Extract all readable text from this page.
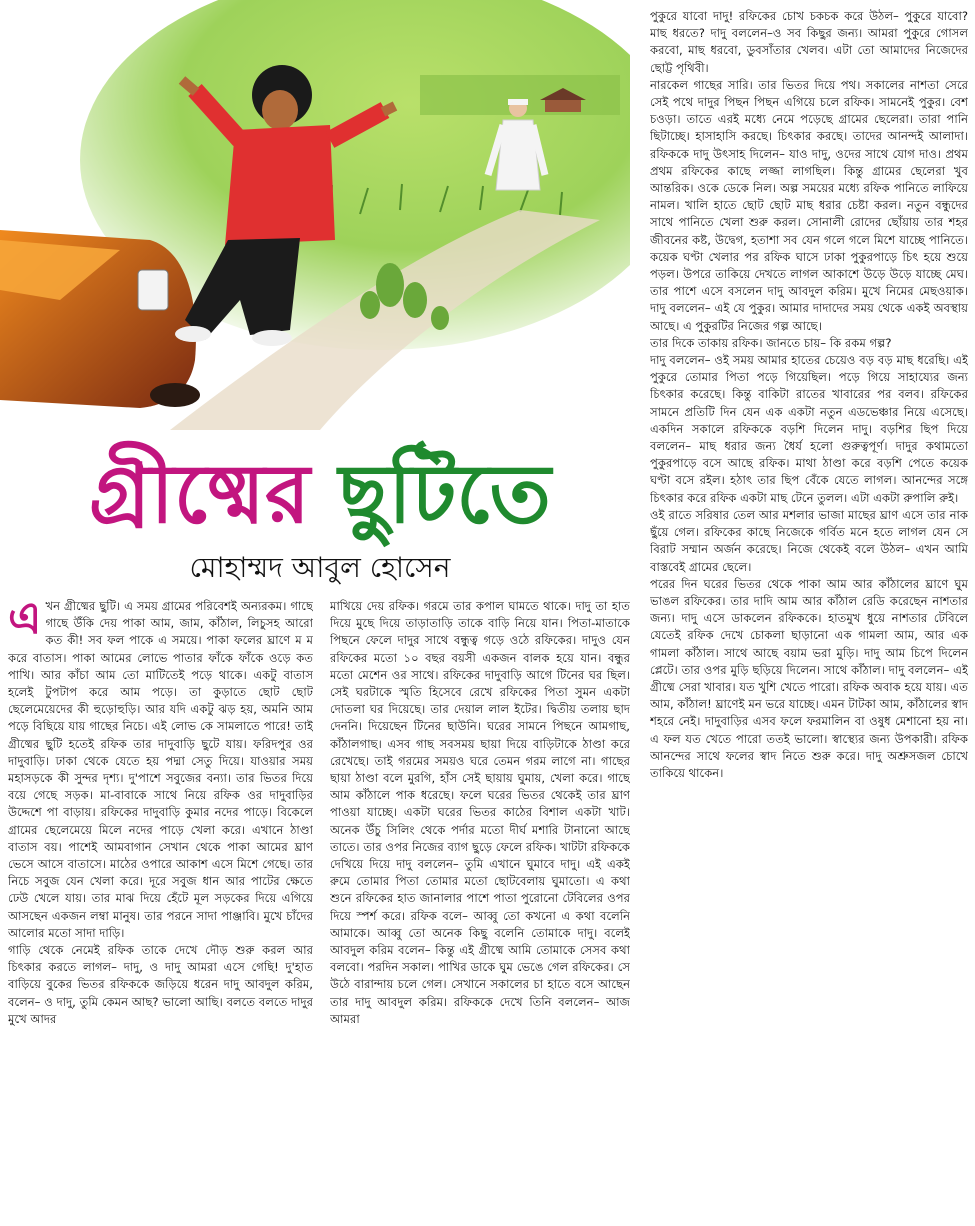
গ্রীষ্মের ছুটিতে
মোহাম্মদ আবুল হোসেন

এখন গ্রীষ্মের ছুটি। এ সময় গ্রামের পরিবেশই অন্যরকম। গাছে গাছে উঁকি দেয় পাকা আম, জাম, কাঁঠাল, লিচুসহ আরো কত কী! সব ফল পাকে এ সময়ে। পাকা ফলের ঘ্রাণে ম ম করে বাতাস। পাকা আমের লোভে পাতার ফাঁকে ফাঁকে ওড়ে কত পাখি। আর কাঁচা আম তো মাটিতেই পড়ে থাকে। একটু বাতাস হলেই টুপটাপ করে আম পড়ে। তা কুড়াতে ছোট ছোট ছেলেমেয়েদের কী হুড়োহুড়ি। আর যদি একটু ঝড় হয়, অমনি আম পড়ে বিছিয়ে যায় গাছের নিচে। এই লোভ কে সামলাতে পারে! তাই গ্রীষ্মের ছুটি হতেই রফিক তার দাদুবাড়ি ছুটে যায়। ফরিদপুর ওর দাদুবাড়ি। ঢাকা থেকে যেতে হয় পদ্মা সেতু দিয়ে। যাওয়ার সময় মহাসড়কে কী সুন্দর দৃশ্য। দু'পাশে সবুজের বন্যা। তার ভিতর দিয়ে বয়ে গেছে সড়ক। মা-বাবাকে সাথে নিয়ে রফিক ওর দাদুবাড়ির উদ্দেশে পা বাড়ায়। রফিকের দাদুবাড়ি কুমার নদের পাড়ে। বিকেলে গ্রামের ছেলেমেয়ে মিলে নদের পাড়ে খেলা করে। এখানে ঠাণ্ডা বাতাস বয়। পাশেই আমবাগান সেখান থেকে পাকা আমের ঘ্রাণ ভেসে আসে বাতাসে। মাঠের ওপারে আকাশ এসে মিশে গেছে। তার নিচে সবুজ যেন খেলা করে। দূরে সবুজ ধান আর পাটের ক্ষেতে ঢেউ খেলে যায়। তার মাঝ দিয়ে হেঁটে মূল সড়কের দিয়ে এগিয়ে আসছেন একজন লম্বা মানুষ। তার পরনে সাদা পাঞ্জাবি। মুখে চাঁদের আলোর মতো সাদা দাড়ি।

গাড়ি থেকে নেমেই রফিক তাকে দেখে দৌড় শুরু করল আর চিৎকার করতে লাগল– দাদু, ও দাদু আমরা এসে গেছি! দু'হাত বাড়িয়ে বুকের ভিতর রফিককে জড়িয়ে ধরেন দাদু আবদুল করিম, বলেন– ও দাদু, তুমি কেমন আছ? ভালো আছি। বলতে বলতে দাদুর মুখে আদর

মাখিয়ে দেয় রফিক। গরমে তার কপাল ঘামতে থাকে। দাদু তা হাত দিয়ে মুছে দিয়ে তাড়াতাড়ি তাকে বাড়ি নিয়ে যান। পিতা-মাতাকে পিছনে ফেলে দাদুর সাথে বন্ধুত্ব গড়ে ওঠে রফিকের। দাদুও যেন রফিকের মতো ১০ বছর বয়সী একজন বালক হয়ে যান। বন্ধুর মতো মেশেন ওর সাথে। রফিকের দাদুবাড়ি আগে টিনের ঘর ছিল। সেই ঘরটাকে স্মৃতি হিসেবে রেখে রফিকের পিতা সুমন একটা দোতলা ঘর দিয়েছে। তার দেয়াল লাল ইটের। দ্বিতীয় তলায় ছাদ দেননি। দিয়েছেন টিনের ছাউনি। ঘরের সামনে পিছনে আমগাছ, কাঁঠালগাছ। এসব গাছ সবসময় ছায়া দিয়ে বাড়িটাকে ঠাণ্ডা করে রেখেছে। তাই গরমের সময়ও ঘরে তেমন গরম লাগে না। গাছের ছায়া ঠাণ্ডা বলে মুরগি, হাঁস সেই ছায়ায় ঘুমায়, খেলা করে। গাছে আম কাঁঠালে পাক ধরেছে। ফলে ঘরের ভিতর থেকেই তার ঘ্রাণ পাওয়া যাচ্ছে। একটা ঘরের ভিতর কাঠের বিশাল একটা খাট। অনেক উঁচু সিলিং থেকে পর্দার মতো দীর্ঘ মশারি টানানো আছে তাতে। তার ওপর নিজের ব্যাগ ছুড়ে ফেলে রফিক। খাটটা রফিককে দেখিয়ে দিয়ে দাদু বললেন– তুমি এখানে ঘুমাবে দাদু। এই একই রুমে তোমার পিতা তোমার মতো ছোটবেলায় ঘুমাতো। এ কথা শুনে রফিকের হাত জানালার পাশে পাতা পুরোনো টেবিলের ওপর দিয়ে স্পর্শ করে। রফিক বলে– আব্বু তো কখনো এ কথা বলেনি আমাকে। আব্বু তো অনেক কিছু বলেনি তোমাকে দাদু। বলেই আবদুল করিম বলেন– কিন্তু এই গ্রীষ্মে আমি তোমাকে সেসব কথা বলবো। পরদিন সকাল। পাখির ডাকে ঘুম ভেঙে গেল রফিকের। সে উঠে বারান্দায় চলে গেল। সেখানে সকালের চা হাতে বসে আছেন তার দাদু আবদুল করিম। রফিককে দেখে তিনি বললেন– আজ আমরা

পুকুরে যাবো দাদু! রফিকের চোখ চকচক করে উঠল– পুকুরে যাবো? মাছ ধরতে? দাদু বললেন–ও সব কিছুর জন্য। আমরা পুকুরে গোসল করবো, মাছ ধরবো, ডুবসাঁতার খেলব। এটা তো আমাদের নিজেদের ছোট্ট পৃথিবী।

নারকেল গাছের সারি। তার ভিতর দিয়ে পথ। সকালের নাশতা সেরে সেই পথে দাদুর পিছন পিছন এগিয়ে চলে রফিক। সামনেই পুকুর। বেশ চওড়া। তাতে এরই মধ্যে নেমে পড়েছে গ্রামের ছেলেরা। তারা পানি ছিটাচ্ছে। হাসাহাসি করছে। চিৎকার করছে। তাদের আনন্দই আলাদা। রফিককে দাদু উৎসাহ দিলেন– যাও দাদু, ওদের সাথে যোগ দাও। প্রথম প্রথম রফিকের কাছে লজ্জা লাগছিল। কিন্তু গ্রামের ছেলেরা খুব আন্তরিক। ওকে ডেকে নিল। অল্প সময়ের মধ্যে রফিক পানিতে লাফিয়ে নামল। খালি হাতে ছোট ছোট মাছ ধরার চেষ্টা করল। নতুন বন্ধুদের সাথে পানিতে খেলা শুরু করল। সোনালী রোদের ছোঁয়ায় তার শহর জীবনের কষ্ট, উদ্বেগ, হতাশা সব যেন গলে গলে মিশে যাচ্ছে পানিতে। কয়েক ঘণ্টা খেলার পর রফিক ঘাসে ঢাকা পুকুরপাড়ে চিৎ হয়ে শুয়ে পড়ল। উপরে তাকিয়ে দেখতে লাগল আকাশে উড়ে উড়ে যাচ্ছে মেঘ। তার পাশে এসে বসলেন দাদু আবদুল করিম। মুখে নিমের মেছওয়াক। দাদু বললেন– এই যে পুকুর। আমার দাদাদের সময় থেকে একই অবস্থায় আছে। এ পুকুরটির নিজের গল্প আছে।

তার দিকে তাকায় রফিক। জানতে চায়– কি রকম গল্প?

দাদু বললেন– ওই সময় আমার হাতের চেয়েও বড় বড় মাছ ধরেছি। এই পুকুরে তোমার পিতা পড়ে গিয়েছিল। পড়ে গিয়ে সাহায্যের জন্য চিৎকার করেছে। কিন্তু বাকিটা রাতের খাবারের পর বলব। রফিকের সামনে প্রতিটি দিন যেন এক একটা নতুন এডভেঞ্চার নিয়ে এসেছে। একদিন সকালে রফিককে বড়শি দিলেন দাদু। বড়শির ছিপ দিয়ে বললেন– মাছ ধরার জন্য ধৈর্য হলো গুরুত্বপূর্ণ। দাদুর কথামতো পুকুরপাড়ে বসে আছে রফিক। মাথা ঠাণ্ডা করে বড়শি পেতে কয়েক ঘণ্টা বসে রইল। হঠাৎ তার ছিপ বেঁকে যেতে লাগল। আনন্দের সঙ্গে চিৎকার করে রফিক একটা মাছ টেনে তুলল। এটা একটা রুপালি রুই।

ওই রাতে সরিষার তেল আর মশলার ভাজা মাছের ঘ্রাণ এসে তার নাক ছুঁয়ে গেল। রফিকের কাছে নিজেকে গর্বিত মনে হতে লাগল যেন সে বিরাট সম্মান অর্জন করেছে। নিজে থেকেই বলে উঠল– এখন আমি বাস্তবেই গ্রামের ছেলে।

পরের দিন ঘরের ভিতর থেকে পাকা আম আর কাঁঠালের ঘ্রাণে ঘুম ভাঙল রফিকের। তার দাদি আম আর কাঁঠাল রেডি করেছেন নাশতার জন্য। দাদু এসে ডাকলেন রফিককে। হাতমুখ ধুয়ে নাশতার টেবিলে যেতেই রফিক দেখে চোকলা ছাড়ানো এক গামলা আম, আর এক গামলা কাঁঠাল। সাথে আছে বয়াম ভরা মুড়ি। দাদু আম চিপে দিলেন প্লেটে। তার ওপর মুড়ি ছড়িয়ে দিলেন। সাথে কাঁঠাল। দাদু বললেন– এই গ্রীষ্মে সেরা খাবার। যত খুশি খেতে পারো। রফিক অবাক হয়ে যায়। এত আম, কাঁঠাল! ঘ্রাণেই মন ভরে যাচ্ছে। এমন টাটকা আম, কাঁঠালের স্বাদ শহরে নেই। দাদুবাড়ির এসব ফলে ফরমালিন বা ওষুধ মেশানো হয় না। এ ফল যত খেতে পারো ততই ভালো। স্বাস্থ্যের জন্য উপকারী। রফিক আনন্দের সাথে ফলের স্বাদ নিতে শুরু করে। দাদু অশ্রুসজল চোখে তাকিয়ে থাকেন।
